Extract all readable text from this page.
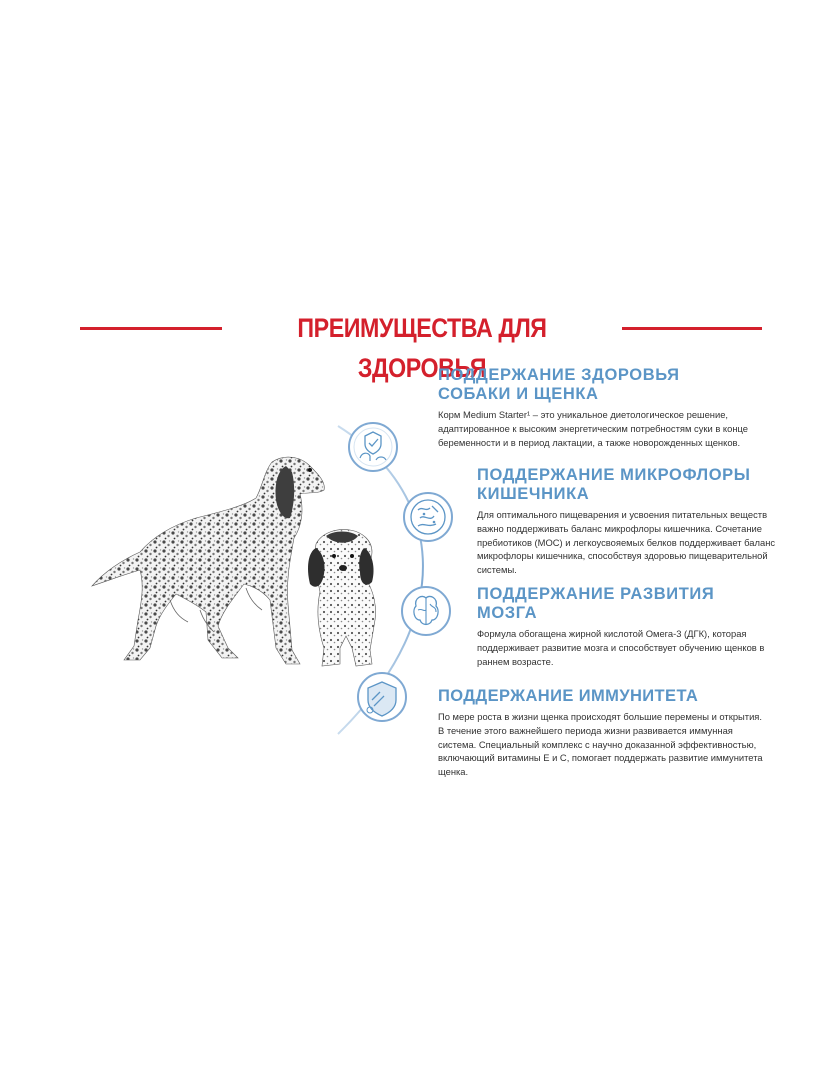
ПРЕИМУЩЕСТВА ДЛЯ ЗДОРОВЬЯ
ПОДДЕРЖАНИЕ ЗДОРОВЬЯ
СОБАКИ И ЩЕНКА

Корм Medium Starter¹ – это уникальное диетологическое решение, адаптированное к высоким энергетическим потребностям суки в конце беременности и в период лактации, а также новорожденных щенков.

ПОДДЕРЖАНИЕ МИКРОФЛОРЫ
КИШЕЧНИКА

Для оптимального пищеварения и усвоения питательных веществ важно поддерживать баланс микрофлоры кишечника. Сочетание пребиотиков (МОС) и легкоусвояемых белков поддерживает баланс микрофлоры кишечника, способствуя здоровью пищеварительной системы.

ПОДДЕРЖАНИЕ РАЗВИТИЯ
МОЗГА

Формула обогащена жирной кислотой Омега-3 (ДГК), которая поддерживает развитие мозга и способствует обучению щенков в раннем возрасте.

ПОДДЕРЖАНИЕ ИММУНИТЕТА

По мере роста в жизни щенка происходят большие перемены и открытия. В течение этого важнейшего периода жизни развивается иммунная система. Специальный комплекс с научно доказанной эффективностью, включающий витамины E и C, помогает поддержать развитие иммунитета щенка.
